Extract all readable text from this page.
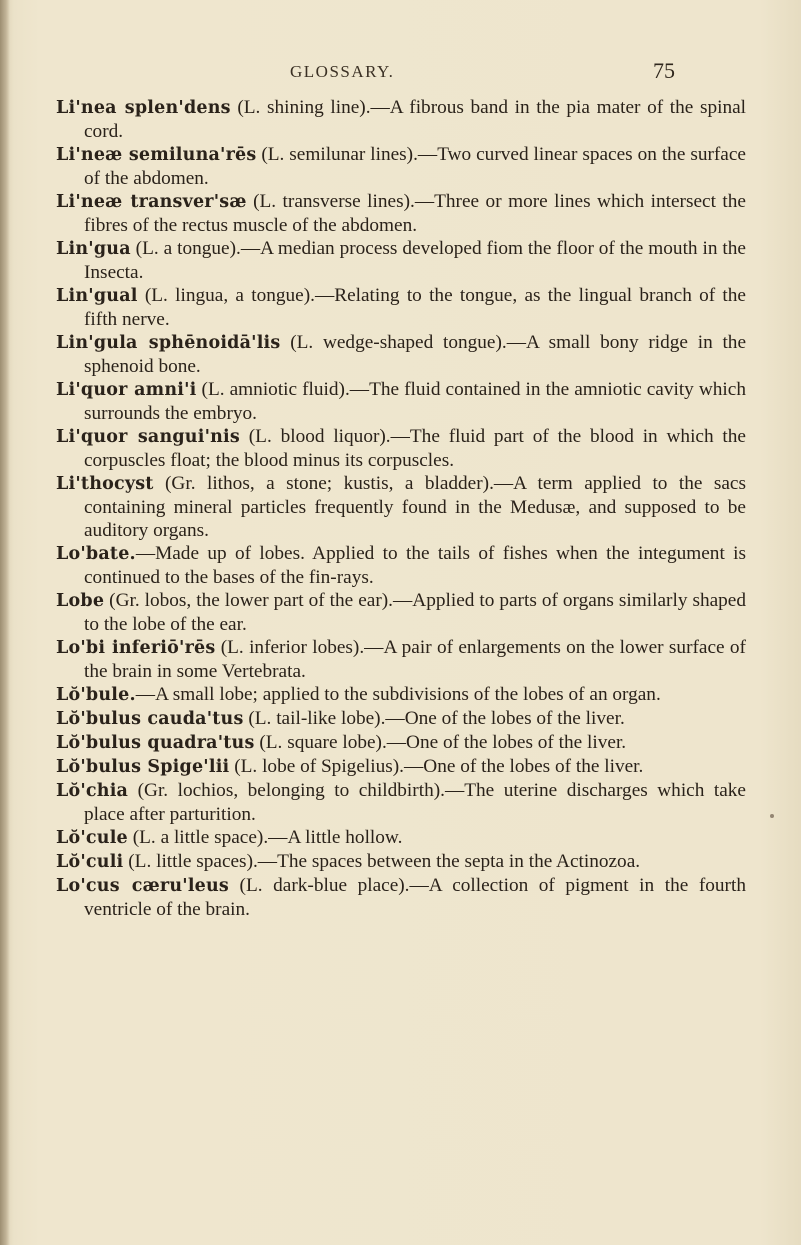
GLOSSARY.	75
Li'nea splen'dens (L. shining line).—A fibrous band in the pia mater of the spinal cord.
Li'neæ semiluna'rēs (L. semilunar lines).—Two curved linear spaces on the surface of the abdomen.
Li'neæ transver'sæ (L. transverse lines).—Three or more lines which intersect the fibres of the rectus muscle of the abdomen.
Lin'gua (L. a tongue).—A median process developed fiom the floor of the mouth in the Insecta.
Lin'gual (L. lingua, a tongue).—Relating to the tongue, as the lingual branch of the fifth nerve.
Lin'gula sphēnoidā'lis (L. wedge-shaped tongue).—A small bony ridge in the sphenoid bone.
Li'quor amni'i (L. amniotic fluid).—The fluid contained in the amniotic cavity which surrounds the embryo.
Li'quor sangui'nis (L. blood liquor).—The fluid part of the blood in which the corpuscles float; the blood minus its corpuscles.
Li'thocyst (Gr. lithos, a stone; kustis, a bladder).—A term applied to the sacs containing mineral particles frequently found in the Medusæ, and supposed to be auditory organs.
Lo'bate.—Made up of lobes. Applied to the tails of fishes when the integument is continued to the bases of the fin-rays.
Lobe (Gr. lobos, the lower part of the ear).—Applied to parts of organs similarly shaped to the lobe of the ear.
Lo'bi inferiō'rēs (L. inferior lobes).—A pair of enlargements on the lower surface of the brain in some Vertebrata.
Lŏ'bule.—A small lobe; applied to the subdivisions of the lobes of an organ.
Lŏ'bulus cauda'tus (L. tail-like lobe).—One of the lobes of the liver.
Lŏ'bulus quadra'tus (L. square lobe).—One of the lobes of the liver.
Lŏ'bulus Spige'lii (L. lobe of Spigelius).—One of the lobes of the liver.
Lŏ'chia (Gr. lochios, belonging to childbirth).—The uterine discharges which take place after parturition.
Lŏ'cule (L. a little space).—A little hollow.
Lŏ'culi (L. little spaces).—The spaces between the septa in the Actinozoa.
Lo'cus cæru'leus (L. dark-blue place).—A collection of pigment in the fourth ventricle of the brain.
